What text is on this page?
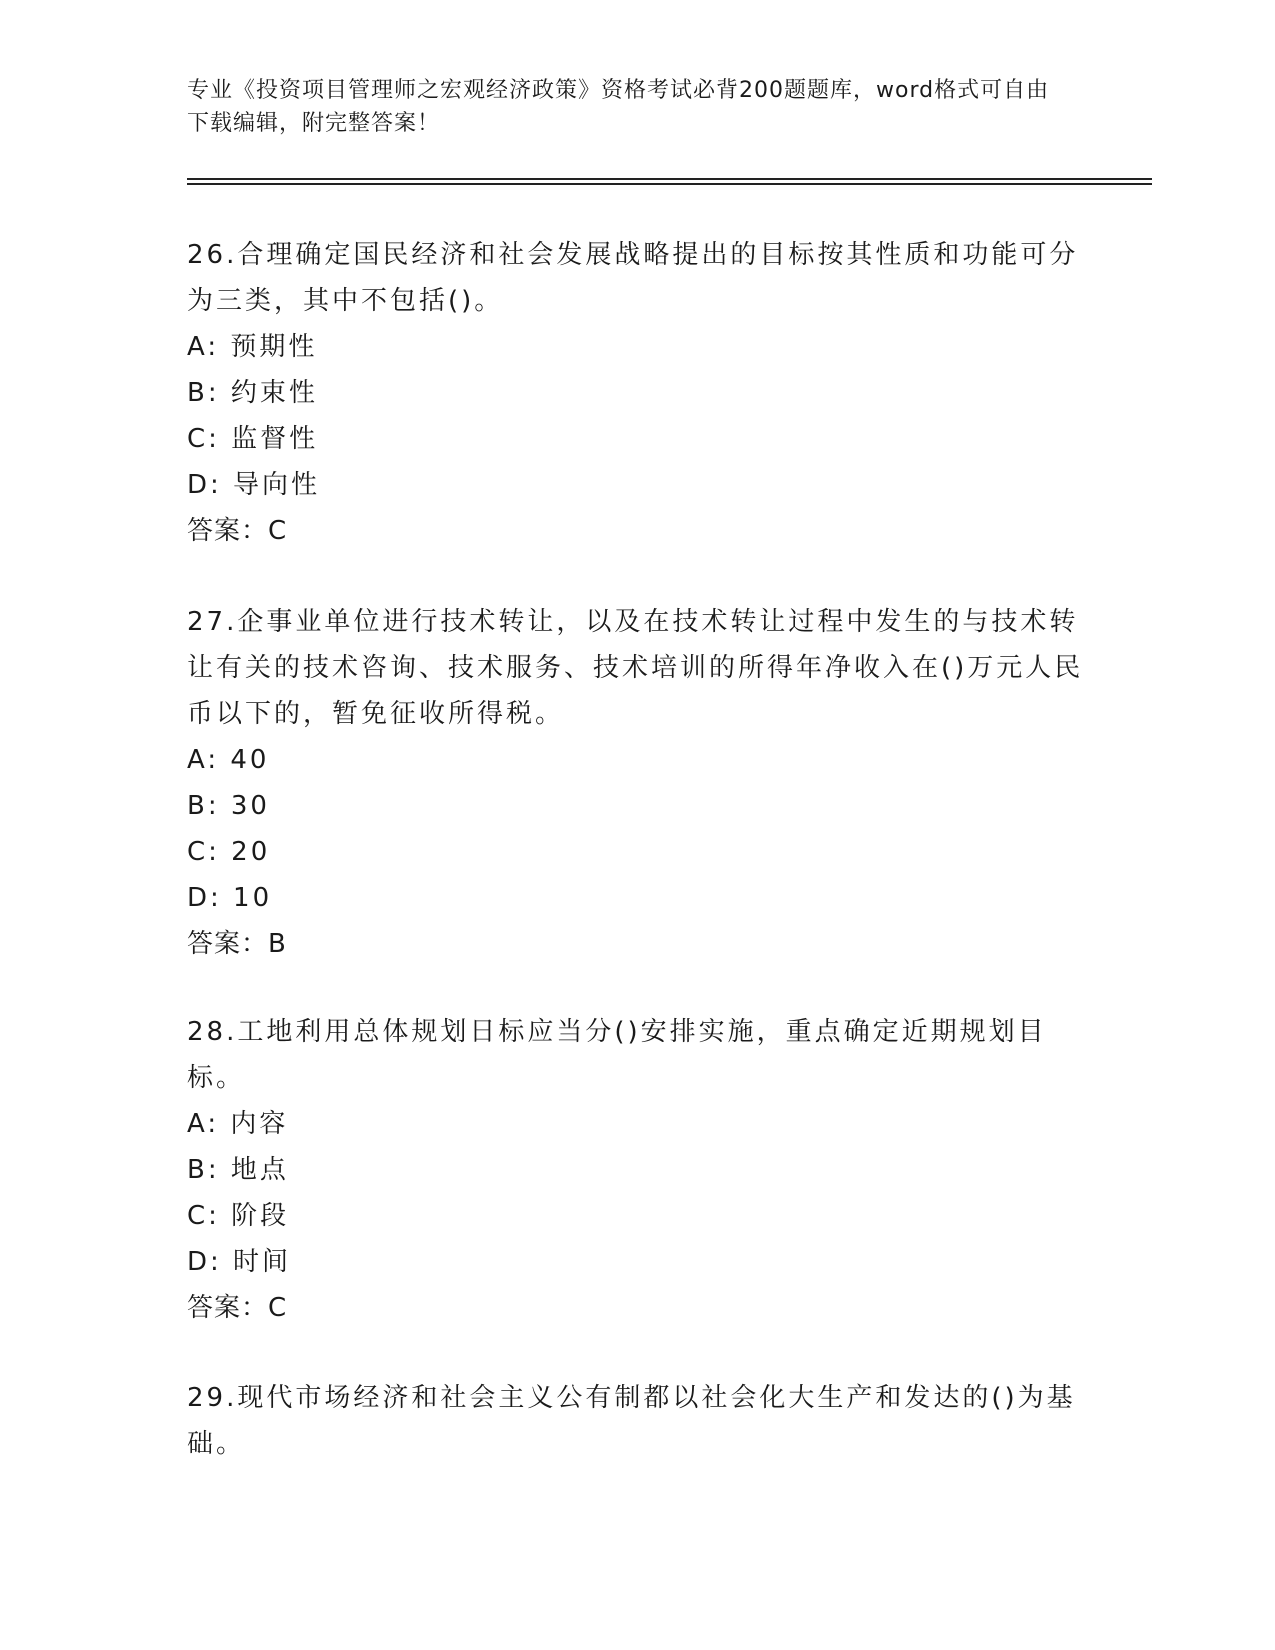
专业《投资项目管理师之宏观经济政策》资格考试必背200题题库，word格式可自由下载编辑，附完整答案！
26.合理确定国民经济和社会发展战略提出的目标按其性质和功能可分为三类，其中不包括()。
A: 预期性
B: 约束性
C: 监督性
D: 导向性
答案：C
27.企事业单位进行技术转让，以及在技术转让过程中发生的与技术转让有关的技术咨询、技术服务、技术培训的所得年净收入在()万元人民币以下的，暂免征收所得税。
A: 40
B: 30
C: 20
D: 10
答案：B
28.工地利用总体规划日标应当分()安排实施，重点确定近期规划目标。
A: 内容
B: 地点
C: 阶段
D: 时间
答案：C
29.现代市场经济和社会主义公有制都以社会化大生产和发达的()为基础。
